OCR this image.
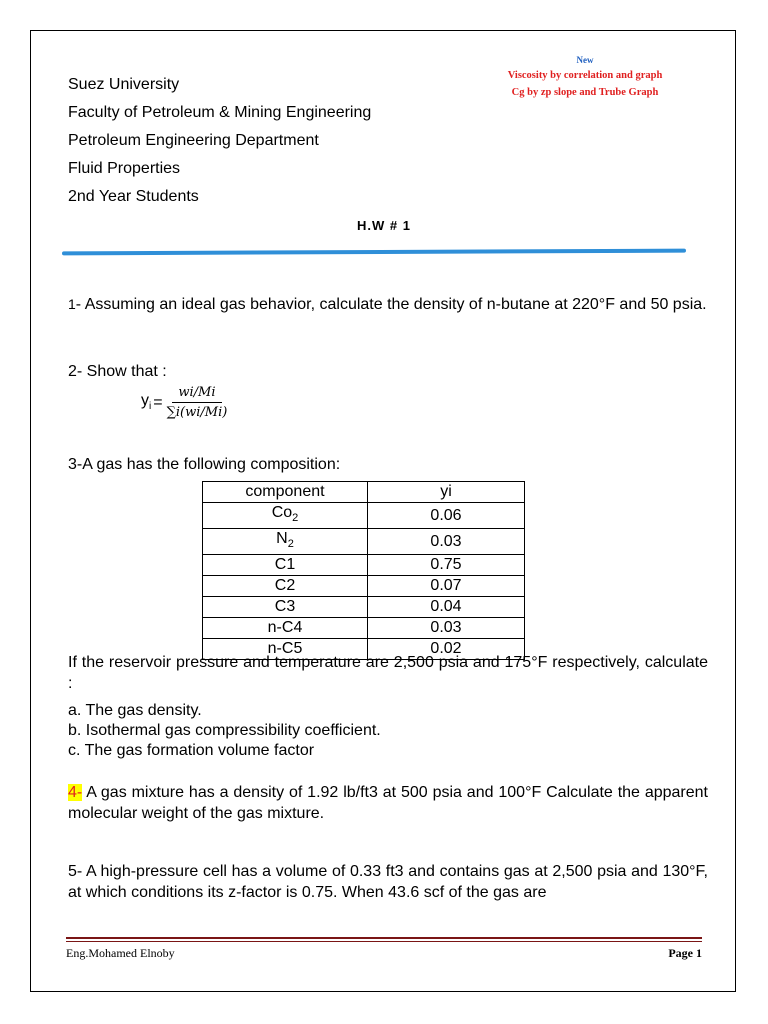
Suez University
Faculty of Petroleum & Mining Engineering
Petroleum Engineering Department
Fluid Properties
2nd Year Students
New
Viscosity by correlation and graph
Cg by zp slope and Trube Graph
H.W # 1
1- Assuming an ideal gas behavior, calculate the density of n-butane at 220°F and 50 psia.
2- Show that :
$y_i = \frac{wi/Mi}{\sum i(wi/Mi)}$
3-A gas has the following composition:
component	yi
$Co_2$	0.06
$N_2$	0.03
C1	0.75
C2	0.07
C3	0.04
n-C4	0.03
n-C5	0.02
If the reservoir pressure and temperature are 2,500 psia and 175°F respectively, calculate :
a. The gas density.
b. Isothermal gas compressibility coefficient.
c. The gas formation volume factor
4- A gas mixture has a density of 1.92 lb/ft3 at 500 psia and 100°F Calculate the apparent molecular weight of the gas mixture.
5- A high-pressure cell has a volume of 0.33 ft3 and contains gas at 2,500 psia and 130°F, at which conditions its z-factor is 0.75. When 43.6 scf of the gas are
Eng.Mohamed Elnoby	Page 1
